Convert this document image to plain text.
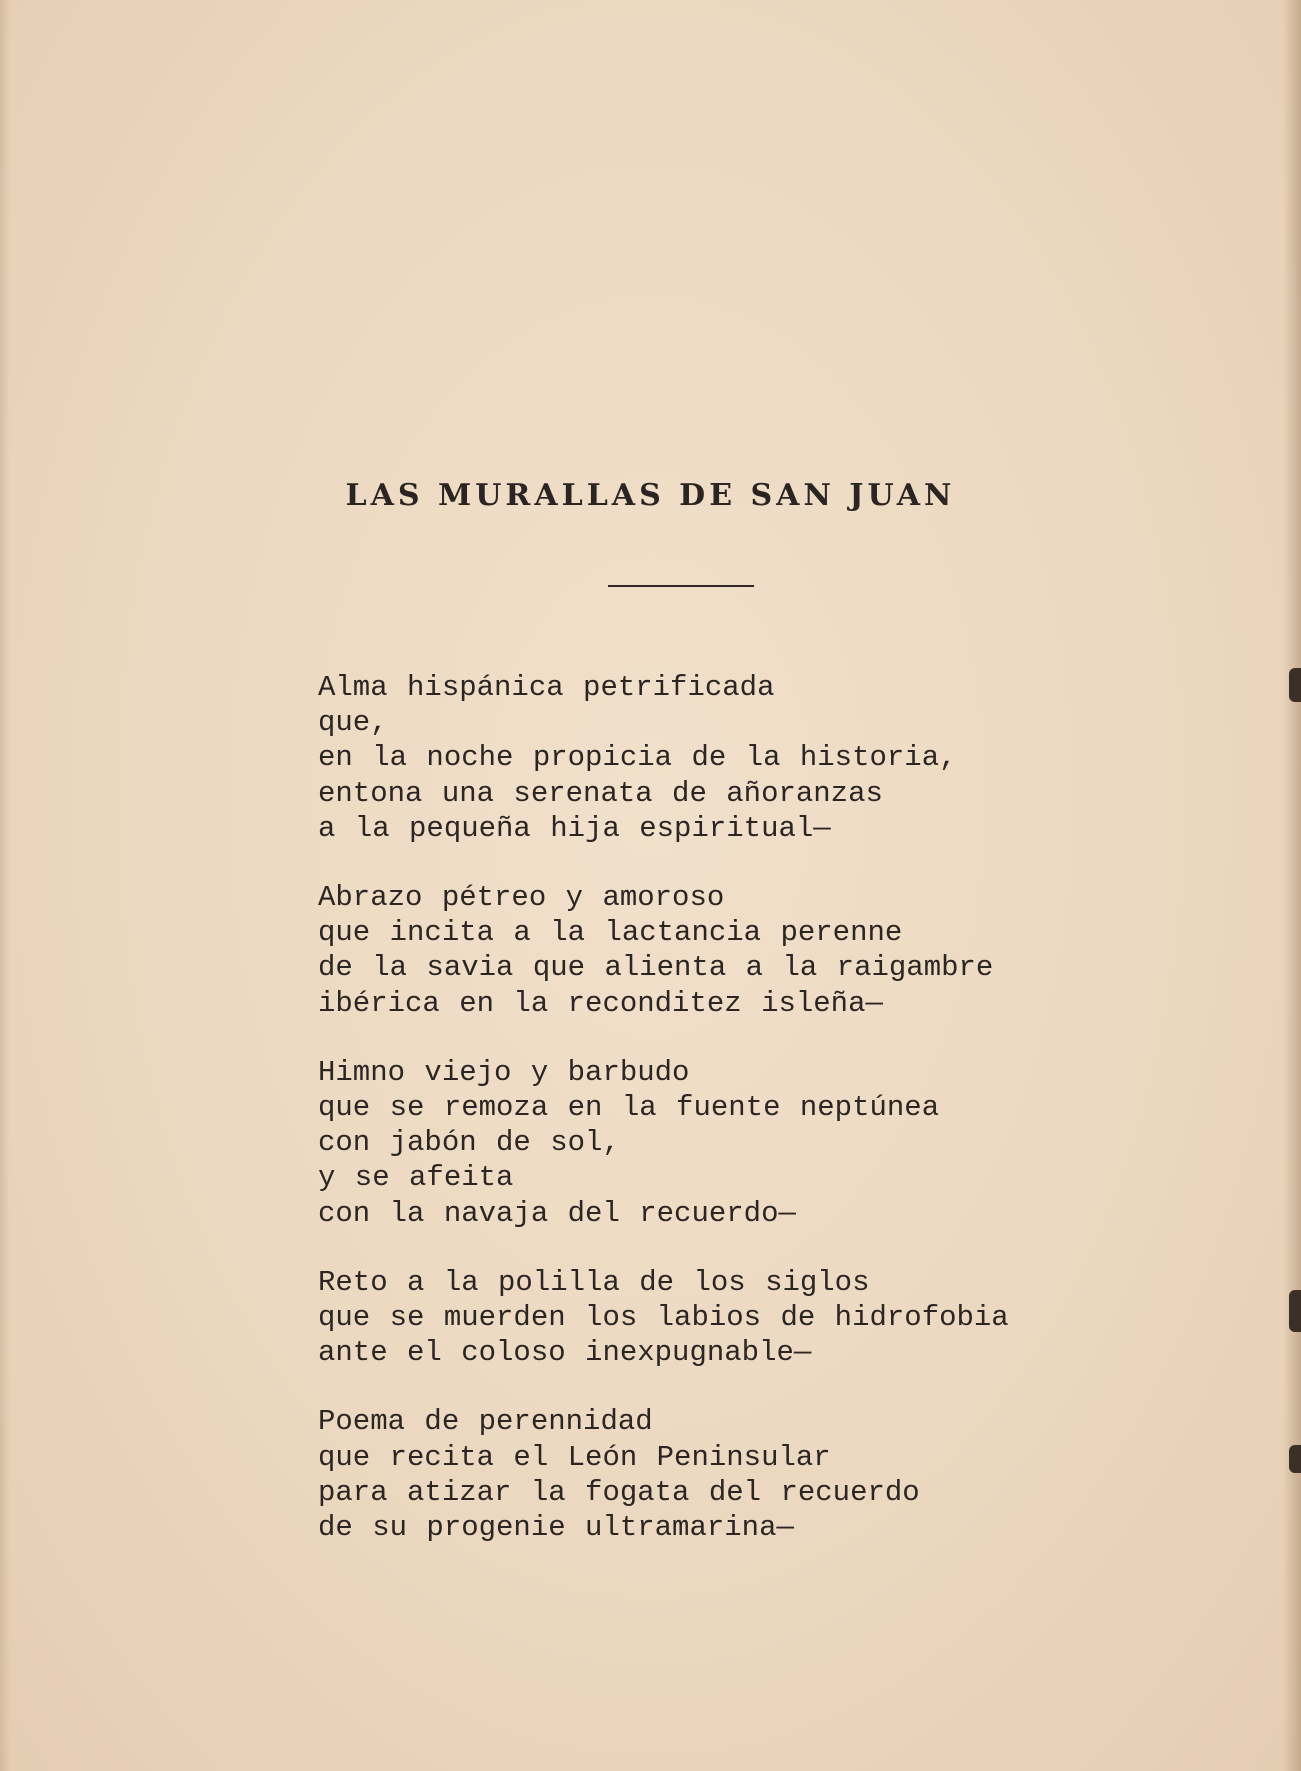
LAS MURALLAS DE SAN JUAN
Alma hispánica petrificada
que,
en la noche propicia de la historia,
entona una serenata de añoranzas
a la pequeña hija espiritual—
Abrazo pétreo y amoroso
que incita a la lactancia perenne
de la savia que alienta a la raigambre
ibérica en la reconditez isleña—
Himno viejo y barbudo
que se remoza en la fuente neptúnea
con jabón de sol,
y se afeita
con la navaja del recuerdo—
Reto a la polilla de los siglos
que se muerden los labios de hidrofobia
ante el coloso inexpugnable—
Poema de perennidad
que recita el León Peninsular
para atizar la fogata del recuerdo
de su progenie ultramarina—
